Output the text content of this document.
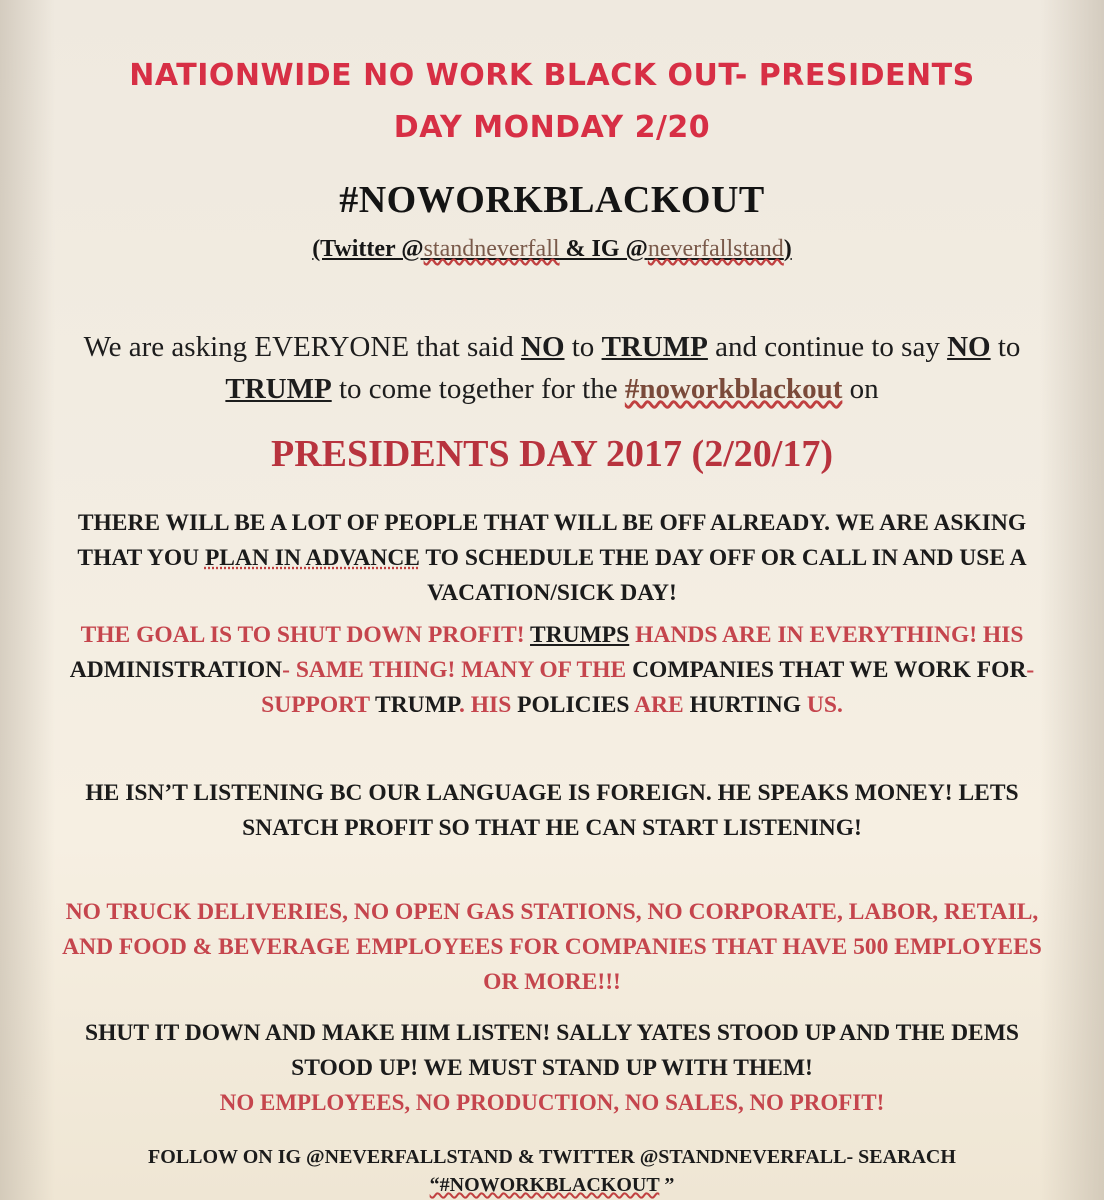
NATIONWIDE NO WORK BLACK OUT- PRESIDENTS
DAY MONDAY 2/20
#NOWORKBLACKOUT

(Twitter @standneverfall & IG @neverfallstand)

We are asking EVERYONE that said NO to TRUMP and continue to say NO to TRUMP to come together for the #noworkblackout on

PRESIDENTS DAY 2017 (2/20/17)

THERE WILL BE A LOT OF PEOPLE THAT WILL BE OFF ALREADY. WE ARE ASKING THAT YOU PLAN IN ADVANCE TO SCHEDULE THE DAY OFF OR CALL IN AND USE A VACATION/SICK DAY!

THE GOAL IS TO SHUT DOWN PROFIT! TRUMPS HANDS ARE IN EVERYTHING! HIS ADMINISTRATION- SAME THING! MANY OF THE COMPANIES THAT WE WORK FOR- SUPPORT TRUMP. HIS POLICIES ARE HURTING US.

HE ISN’T LISTENING BC OUR LANGUAGE IS FOREIGN. HE SPEAKS MONEY! LETS SNATCH PROFIT SO THAT HE CAN START LISTENING!

NO TRUCK DELIVERIES, NO OPEN GAS STATIONS, NO CORPORATE, LABOR, RETAIL, AND FOOD & BEVERAGE EMPLOYEES FOR COMPANIES THAT HAVE 500 EMPLOYEES OR MORE!!!

SHUT IT DOWN AND MAKE HIM LISTEN! SALLY YATES STOOD UP AND THE DEMS STOOD UP! WE MUST STAND UP WITH THEM!

NO EMPLOYEES, NO PRODUCTION, NO SALES, NO PROFIT!

FOLLOW ON IG @NEVERFALLSTAND & TWITTER @STANDNEVERFALL- SEARACH “#NOWORKBLACKOUT ”
